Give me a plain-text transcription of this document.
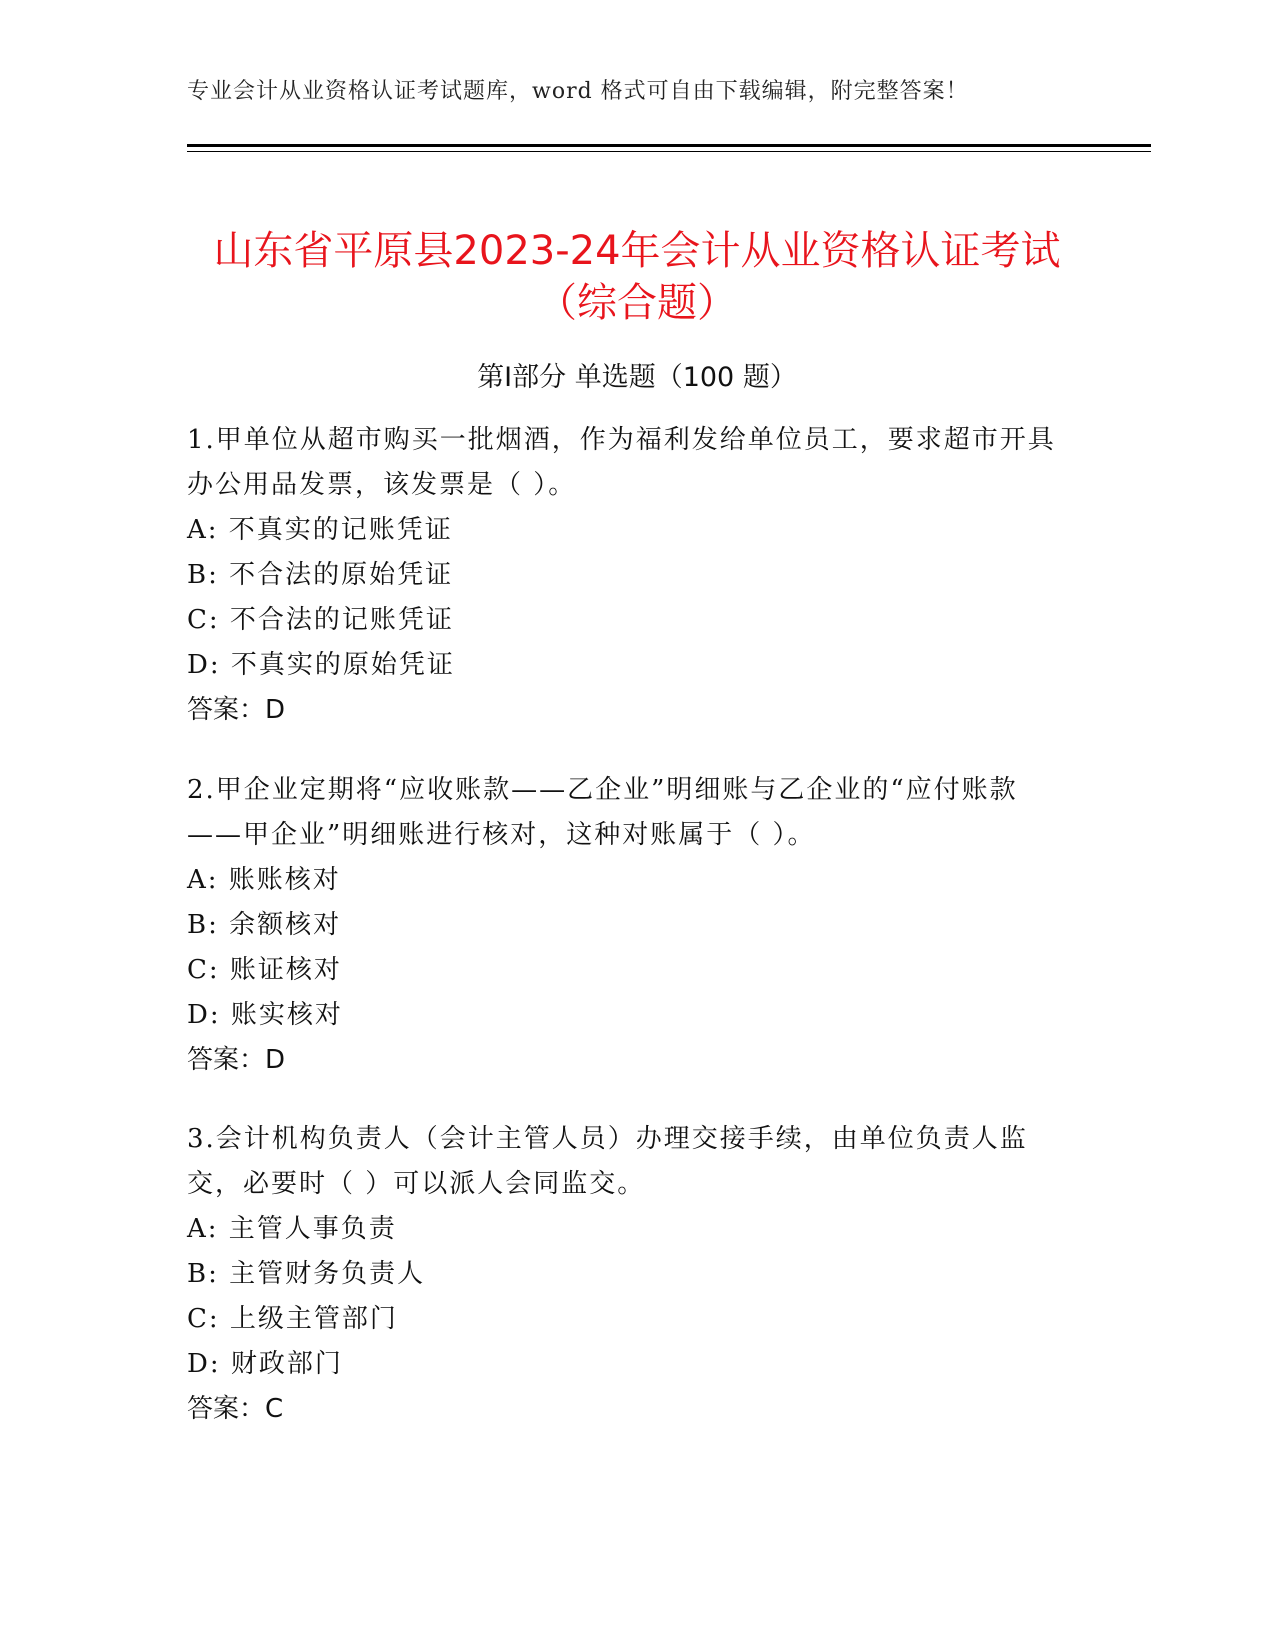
专业会计从业资格认证考试题库，word 格式可自由下载编辑，附完整答案！
山东省平原县2023-24年会计从业资格认证考试（综合题）
第Ⅰ部分 单选题（100 题）

1.甲单位从超市购买一批烟酒，作为福利发给单位员工，要求超市开具办公用品发票，该发票是（ ）。

A: 不真实的记账凭证

B: 不合法的原始凭证

C: 不合法的记账凭证

D: 不真实的原始凭证

答案：D

2.甲企业定期将“应收账款——乙企业”明细账与乙企业的“应付账款——甲企业”明细账进行核对，这种对账属于（ ）。

A: 账账核对

B: 余额核对

C: 账证核对

D: 账实核对

答案：D

3.会计机构负责人（会计主管人员）办理交接手续，由单位负责人监交，必要时（ ）可以派人会同监交。

A: 主管人事负责

B: 主管财务负责人

C: 上级主管部门

D: 财政部门

答案：C
